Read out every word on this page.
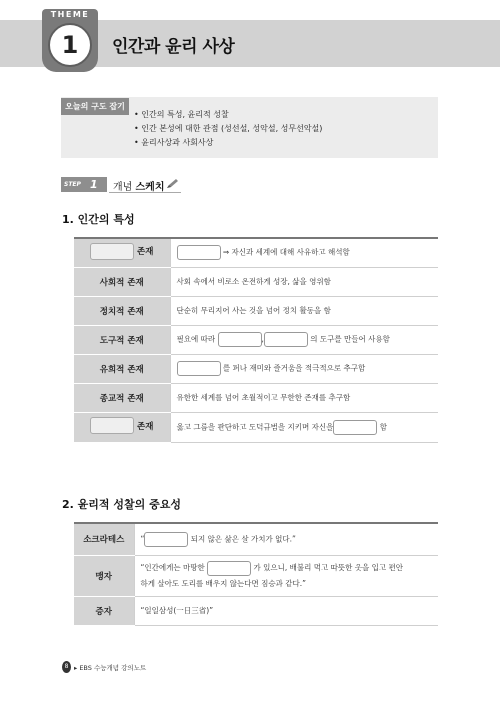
THEME
1	인간과 윤리 사상
오늘의 구도 잡기
• 인간의 특성, 윤리적 성찰
• 인간 본성에 대한 관점 (성선설, 성악설, 성무선악설)
• 윤리사상과 사회사상
STEP 1 개념 스케치
1. 인간의 특성
존재	⇒ 자신과 세계에 대해 사유하고 해석함
사회적 존재	사회 속에서 비로소 온전하게 성장, 삶을 영위함
정치적 존재	단순히 무리지어 사는 것을 넘어 정치 활동을 함
도구적 존재	필요에 따라 , 의 도구를 만들어 사용함
유희적 존재	를 퍼나 재미와 즐거움을 적극적으로 추구함
종교적 존재	유한한 세계를 넘어 초월적이고 무한한 존재를 추구함

존재	옳고 그름을 판단하고 도덕규범을 지키며 자신을 함
2. 윤리적 성찰의 중요성
소크라테스	“ 되지 않은 삶은 살 가치가 없다.”
맹자	“인간에게는 마땅한 가 있으니, 배불리 먹고 따뜻한 옷을 입고 편안
하게 살아도 도리를 배우지 않는다면 짐승과 같다.”
증자	“일일삼성(一日三省)”
8 ▸ EBS 수능개념 강의노트
